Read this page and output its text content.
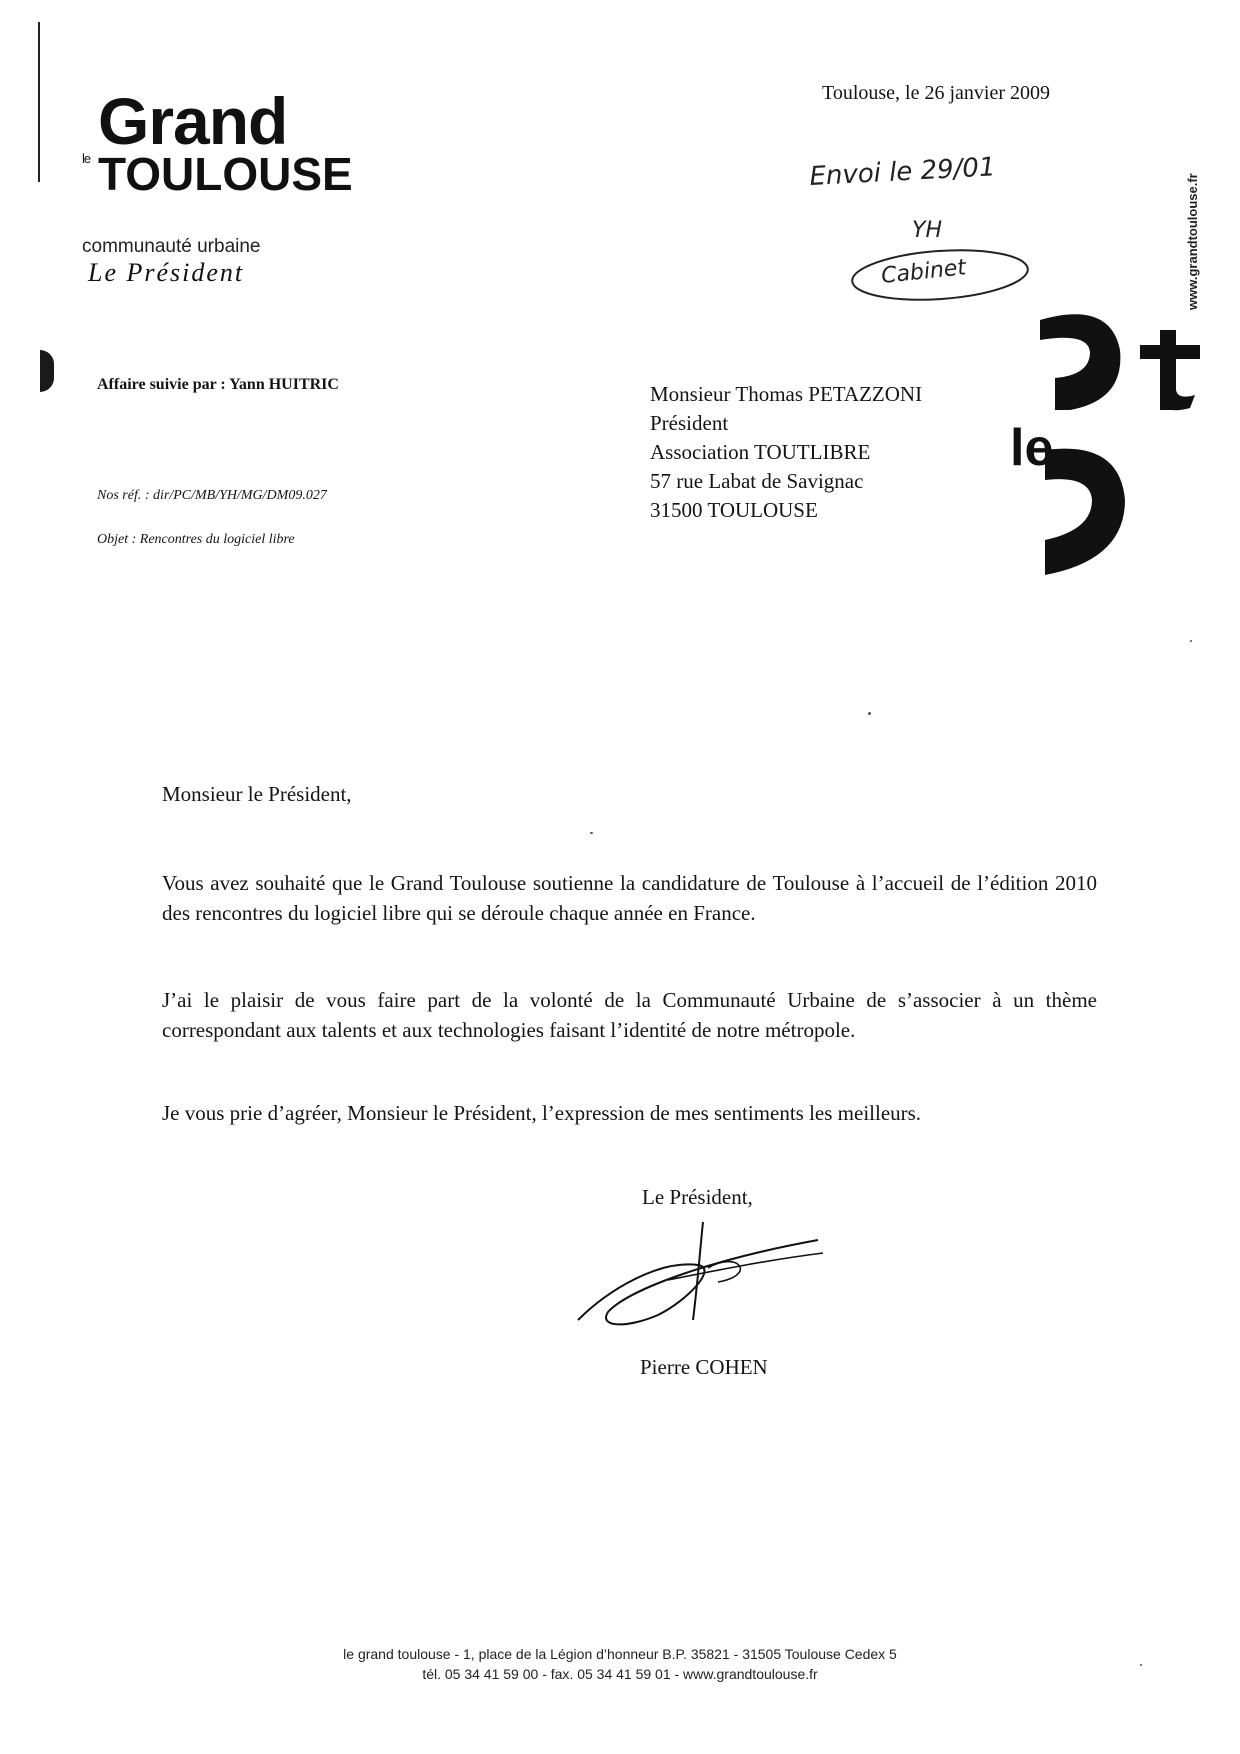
le
Grand
TOULOUSE
communauté urbaine
Le Président
le
www.grandtoulouse.fr
Toulouse, le 26 janvier 2009
Envoi le 29/01
YH
Cabinet
Affaire suivie par : Yann HUITRIC
Nos réf. : dir/PC/MB/YH/MG/DM09.027
Objet : Rencontres du logiciel libre
Monsieur Thomas PETAZZONI
Président
Association TOUTLIBRE
57 rue Labat de Savignac
31500 TOULOUSE
Monsieur le Président,
Vous avez souhaité que le Grand Toulouse soutienne la candidature de Toulouse à l’accueil de l’édition 2010 des rencontres du logiciel libre qui se déroule chaque année en France.
J’ai le plaisir de vous faire part de la volonté de la Communauté Urbaine de s’associer à un thème correspondant aux talents et aux technologies faisant l’identité de notre métropole.
Je vous prie d’agréer, Monsieur le Président, l’expression de mes sentiments les meilleurs.
Le Président,
Pierre COHEN
le grand toulouse - 1, place de la Légion d’honneur B.P. 35821 - 31505 Toulouse Cedex 5
tél. 05 34 41 59 00 - fax. 05 34 41 59 01 - www.grandtoulouse.fr
